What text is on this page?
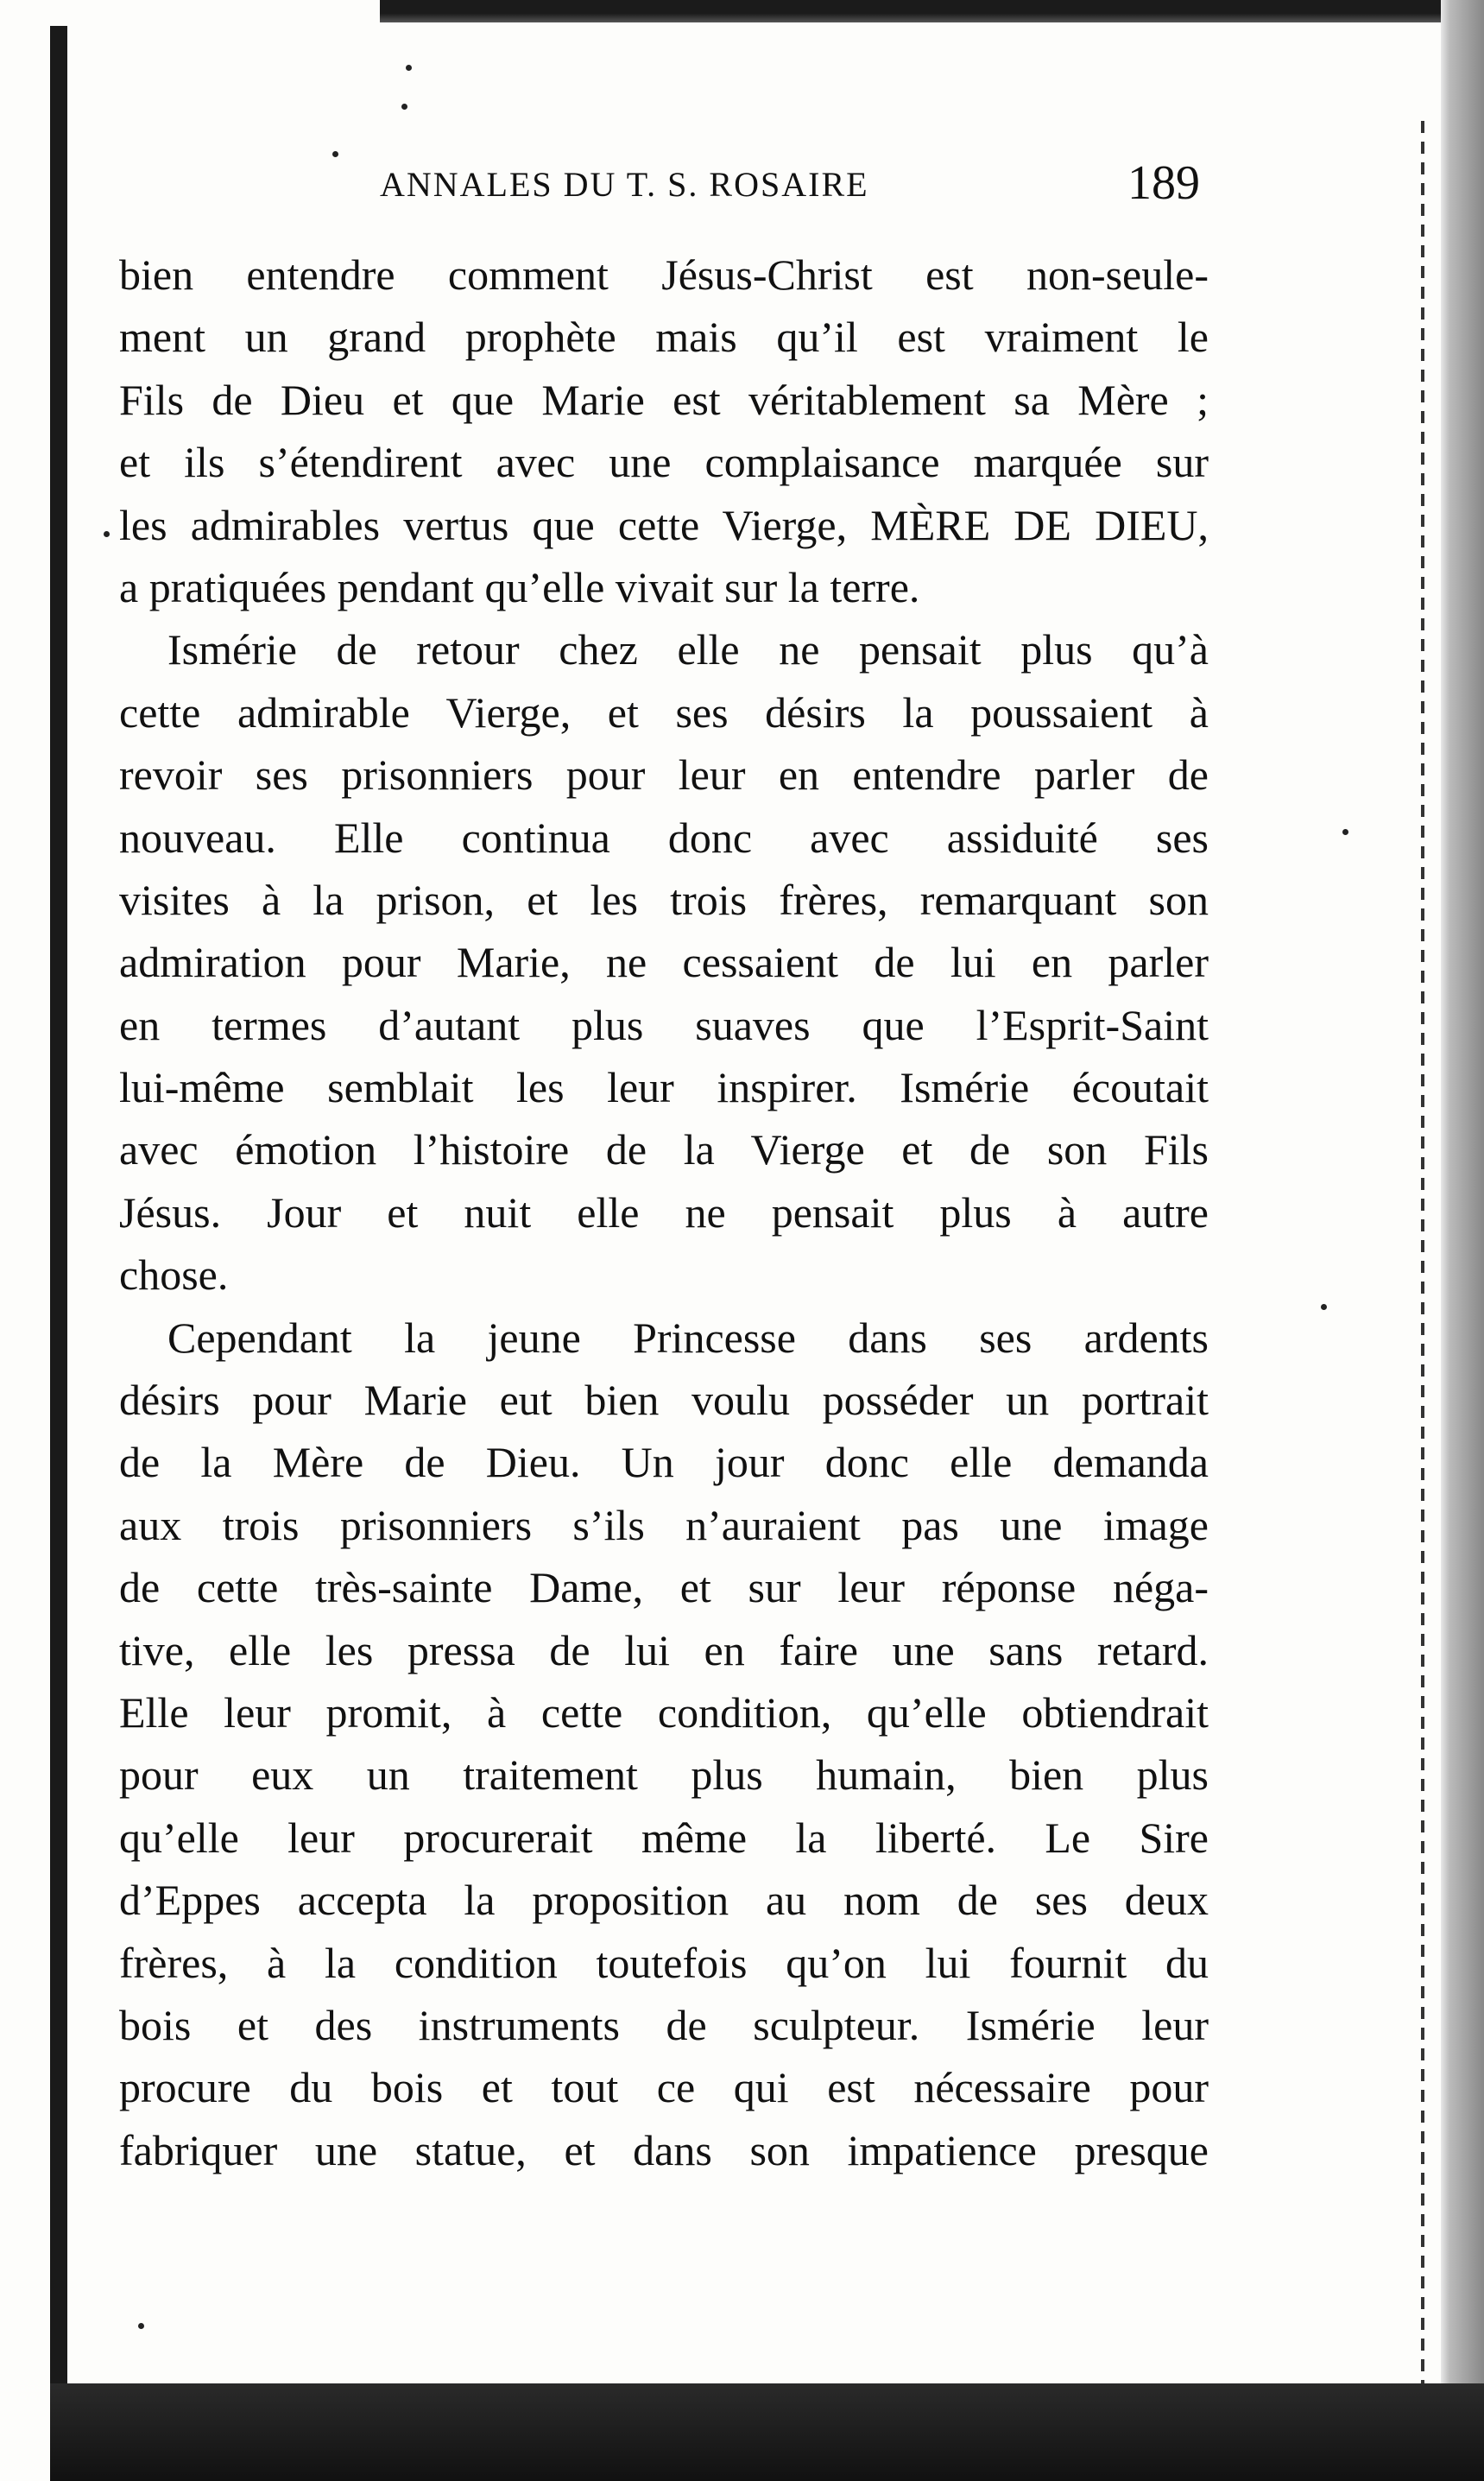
ANNALES DU T. S. ROSAIRE	189
bien entendre comment Jésus-Christ est non-seule-
ment un grand prophète mais qu’il est vraiment le
Fils de Dieu et que Marie est véritablement sa Mère ;
et ils s’étendirent avec une complaisance marquée sur
les admirables vertus que cette Vierge, MÈRE DE DIEU,
a pratiquées pendant qu’elle vivait sur la terre.
Ismérie de retour chez elle ne pensait plus qu’à
cette admirable Vierge, et ses désirs la poussaient à
revoir ses prisonniers pour leur en entendre parler de
nouveau. Elle continua donc avec assiduité ses
visites à la prison, et les trois frères, remarquant son
admiration pour Marie, ne cessaient de lui en parler
en termes d’autant plus suaves que l’Esprit-Saint
lui-même semblait les leur inspirer. Ismérie écoutait
avec émotion l’histoire de la Vierge et de son Fils
Jésus. Jour et nuit elle ne pensait plus à autre
chose.
Cependant la jeune Princesse dans ses ardents
désirs pour Marie eut bien voulu posséder un portrait
de la Mère de Dieu. Un jour donc elle demanda
aux trois prisonniers s’ils n’auraient pas une image
de cette très-sainte Dame, et sur leur réponse néga-
tive, elle les pressa de lui en faire une sans retard.
Elle leur promit, à cette condition, qu’elle obtiendrait
pour eux un traitement plus humain, bien plus
qu’elle leur procurerait même la liberté. Le Sire
d’Eppes accepta la proposition au nom de ses deux
frères, à la condition toutefois qu’on lui fournit du
bois et des instruments de sculpteur. Ismérie leur
procure du bois et tout ce qui est nécessaire pour
fabriquer une statue, et dans son impatience presque
